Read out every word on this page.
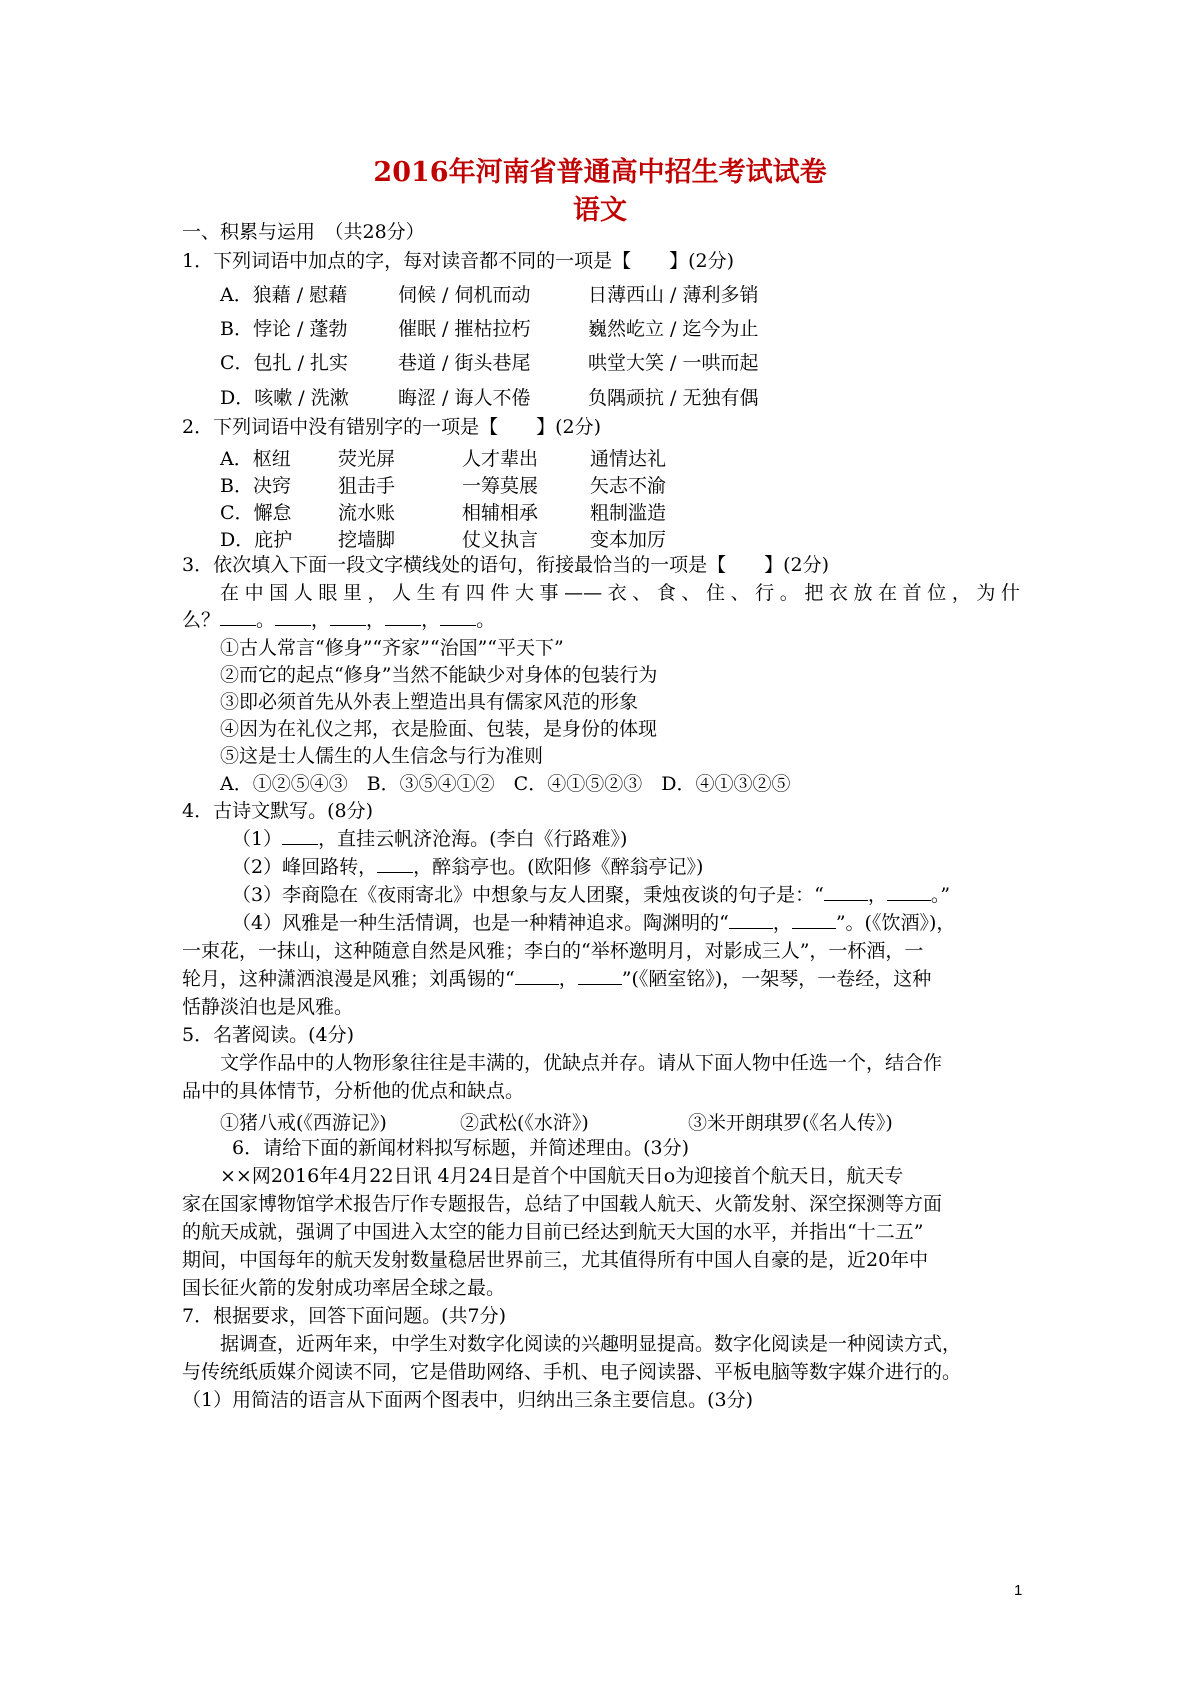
2016年河南省普通高中招生考试试卷
语文
一、积累与运用　（共28分）
1．下列词语中加点的字，每对读音都不同的一项是【　　】(2分)
A．狼藉 / 慰藉	伺候 / 伺机而动	日薄西山 / 薄利多销
B．悖论 / 蓬勃	催眠 / 摧枯拉朽	巍然屹立 / 迄今为止
C．包扎 / 扎实	巷道 / 街头巷尾	哄堂大笑 / 一哄而起
D．咳嗽 / 洗漱	晦涩 / 诲人不倦	负隅顽抗 / 无独有偶
2．下列词语中没有错别字的一项是【　　】(2分)
A．枢纽 荧光屏	人才辈出	通情达礼
B．决窍 狙击手	一筹莫展	矢志不渝
C．懈怠 流水账	相辅相承	粗制滥造
D．庇护 挖墙脚	仗义执言	变本加厉
3．依次填入下面一段文字横线处的语句，衔接最恰当的一项是【　　】(2分)
在中国人眼里，人生有四件大事——衣、食、住、行。把衣放在首位，为什
么？ 。 ， ， ， 。
①古人常言“修身”“齐家”“治国”“平天下”
②而它的起点“修身”当然不能缺少对身体的包装行为
③即必须首先从外表上塑造出具有儒家风范的形象
④因为在礼仪之邦，衣是脸面、包装，是身份的体现
⑤这是士人儒生的人生信念与行为准则
A．①②⑤④③　B．③⑤④①②　C．④①⑤②③　D．④①③②⑤
4．古诗文默写。(8分)
（1） ，直挂云帆济沧海。(李白《行路难》)
（2）峰回路转， ，醉翁亭也。(欧阳修《醉翁亭记》)
（3）李商隐在《夜雨寄北》中想象与友人团聚，秉烛夜谈的句子是：“ ， 。”
（4）风雅是一种生活情调，也是一种精神追求。陶渊明的“ ， ”。(《饮酒》)，
一束花，一抹山，这种随意自然是风雅；李白的“举杯邀明月，对影成三人”，一杯酒，一
轮月，这种潇洒浪漫是风雅；刘禹锡的“ ， ”(《陋室铭》)，一架琴，一卷经，这种
恬静淡泊也是风雅。
5．名著阅读。(4分)
文学作品中的人物形象往往是丰满的，优缺点并存。请从下面人物中任选一个，结合作
品中的具体情节，分析他的优点和缺点。
①猪八戒(《西游记》)	②武松(《水浒》)	③米开朗琪罗(《名人传》)
6．请给下面的新闻材料拟写标题，并简述理由。(3分)
××网2016年4月22日讯 4月24日是首个中国航天日o为迎接首个航天日，航天专
家在国家博物馆学术报告厅作专题报告，总结了中国载人航天、火箭发射、深空探测等方面
的航天成就，强调了中国进入太空的能力目前已经达到航天大国的水平，并指出“十二五”
期间，中国每年的航天发射数量稳居世界前三，尤其值得所有中国人自豪的是，近20年中
国长征火箭的发射成功率居全球之最。
7．根据要求，回答下面问题。(共7分)
据调查，近两年来，中学生对数字化阅读的兴趣明显提高。数字化阅读是一种阅读方式，
与传统纸质媒介阅读不同，它是借助网络、手机、电子阅读器、平板电脑等数字媒介进行的。
（1）用简洁的语言从下面两个图表中，归纳出三条主要信息。(3分)
1
